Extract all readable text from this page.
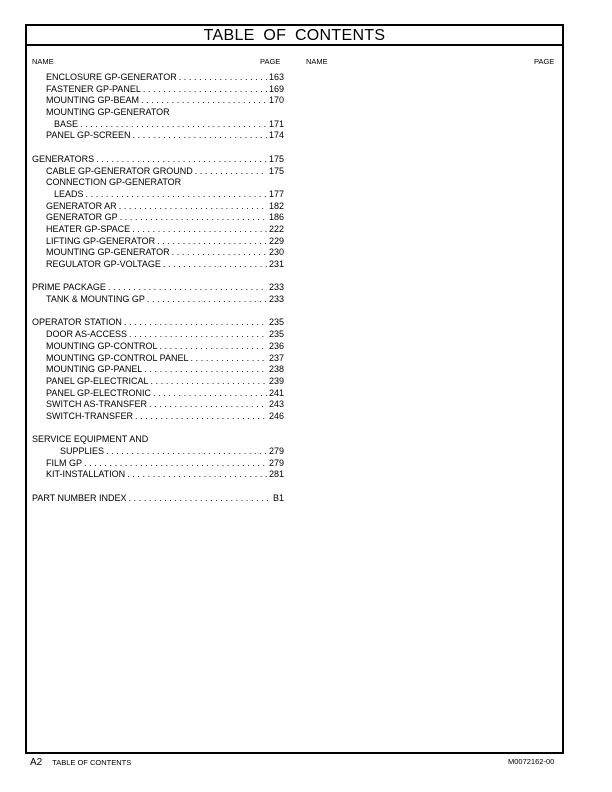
TABLE OF CONTENTS
NAME	PAGE	NAME	PAGE
ENCLOSURE GP-GENERATOR .....	163
FASTENER GP-PANEL .....	169
MOUNTING GP-BEAM .....	170
MOUNTING GP-GENERATOR
BASE .....	171
PANEL GP-SCREEN .....	174
GENERATORS .....	175
CABLE GP-GENERATOR GROUND .....	175
CONNECTION GP-GENERATOR
LEADS .....	177
GENERATOR AR .....	182
GENERATOR GP .....	186
HEATER GP-SPACE .....	222
LIFTING GP-GENERATOR .....	229
MOUNTING GP-GENERATOR .....	230
REGULATOR GP-VOLTAGE .....	231
PRIME PACKAGE .....	233
TANK & MOUNTING GP .....	233
OPERATOR STATION .....	235
DOOR AS-ACCESS .....	235
MOUNTING GP-CONTROL .....	236
MOUNTING GP-CONTROL PANEL .....	237
MOUNTING GP-PANEL .....	238
PANEL GP-ELECTRICAL .....	239
PANEL GP-ELECTRONIC .....	241
SWITCH AS-TRANSFER .....	243
SWITCH-TRANSFER .....	246
SERVICE EQUIPMENT AND
SUPPLIES .....	279
FILM GP .....	279
KIT-INSTALLATION .....	281
PART NUMBER INDEX .....	B1
A2 TABLE OF CONTENTS	M0072162-00
